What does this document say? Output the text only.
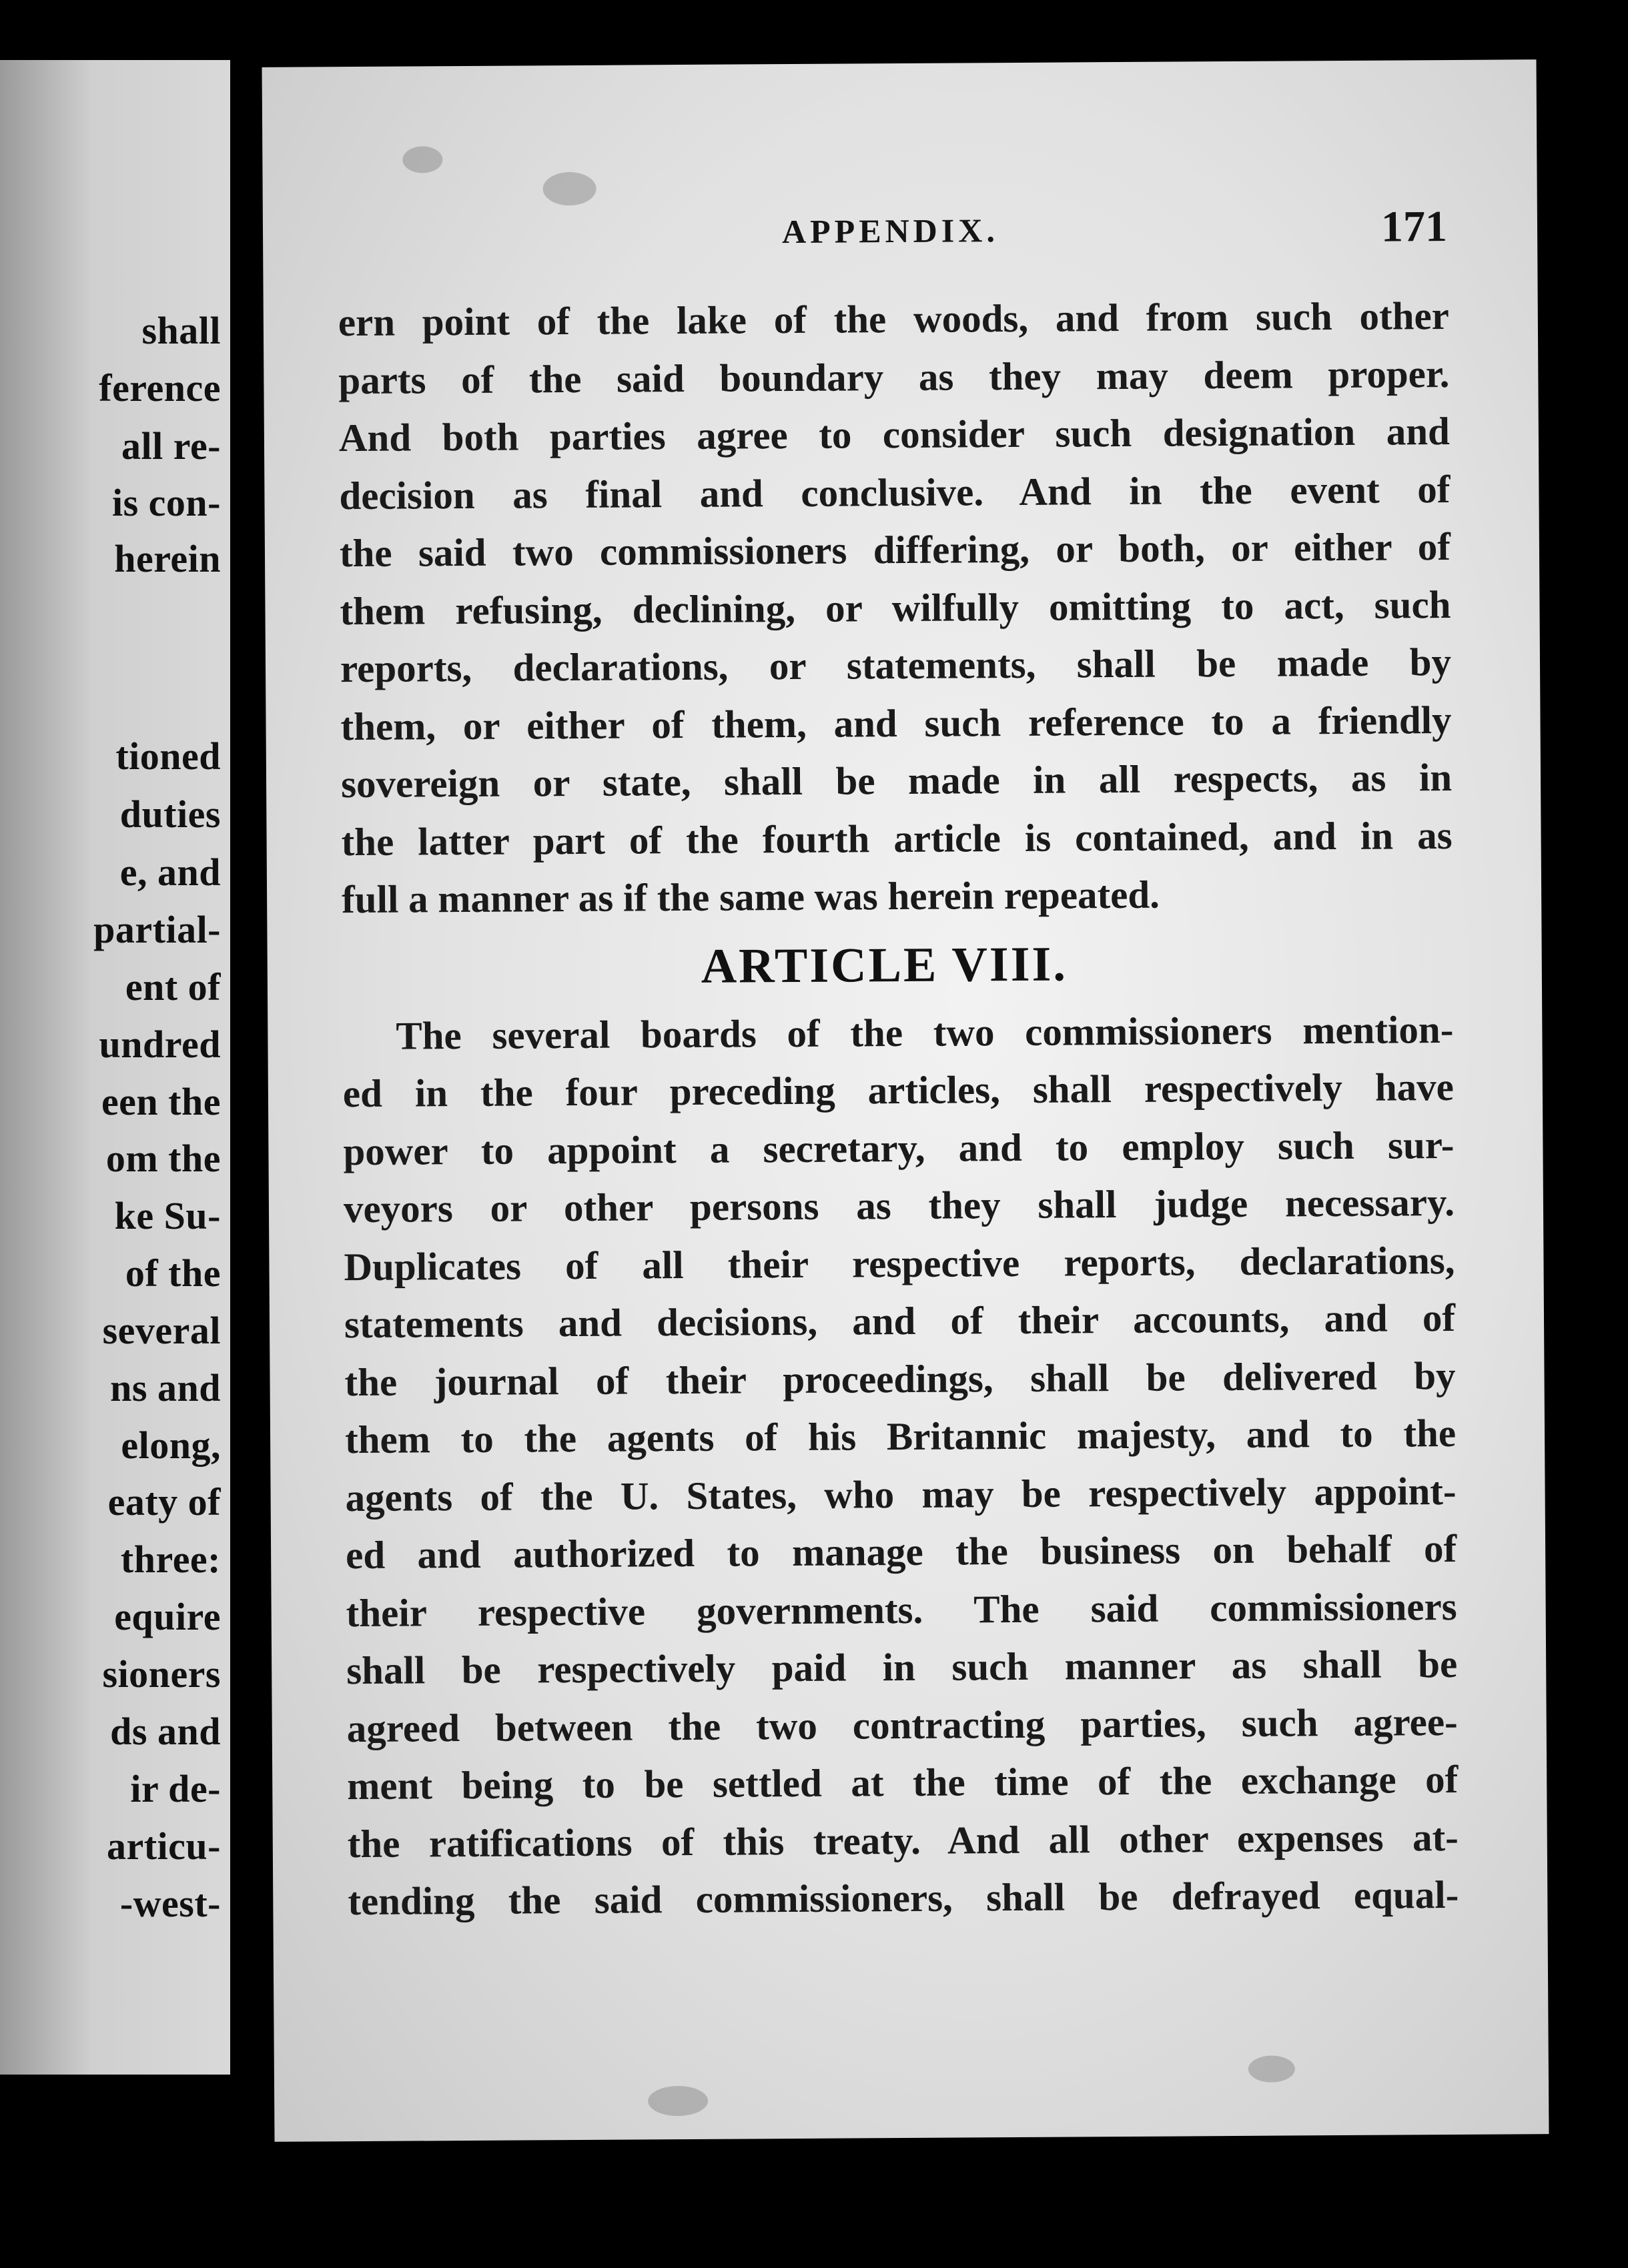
shall
ference
all re-
is con-
herein
tioned
duties
e, and
partial-
ent of
undred
een the
om the
ke Su-
of the
several
ns and
elong,
eaty of
three:
equire
sioners
ds and
ir de-
articu-
-west-
APPENDIX.	171
ern point of the lake of the woods, and from such other
parts of the said boundary as they may deem proper.
And both parties agree to consider such designation and
decision as final and conclusive. And in the event of
the said two commissioners differing, or both, or either of
them refusing, declining, or wilfully omitting to act, such
reports, declarations, or statements, shall be made by
them, or either of them, and such reference to a friendly
sovereign or state, shall be made in all respects, as in
the latter part of the fourth article is contained, and in as
full a manner as if the same was herein repeated.
ARTICLE VIII.
The several boards of the two commissioners mention-
ed in the four preceding articles, shall respectively have
power to appoint a secretary, and to employ such sur-
veyors or other persons as they shall judge necessary.
Duplicates of all their respective reports, declarations,
statements and decisions, and of their accounts, and of
the journal of their proceedings, shall be delivered by
them to the agents of his Britannic majesty, and to the
agents of the U. States, who may be respectively appoint-
ed and authorized to manage the business on behalf of
their respective governments. The said commissioners
shall be respectively paid in such manner as shall be
agreed between the two contracting parties, such agree-
ment being to be settled at the time of the exchange of
the ratifications of this treaty. And all other expenses at-
tending the said commissioners, shall be defrayed equal-
